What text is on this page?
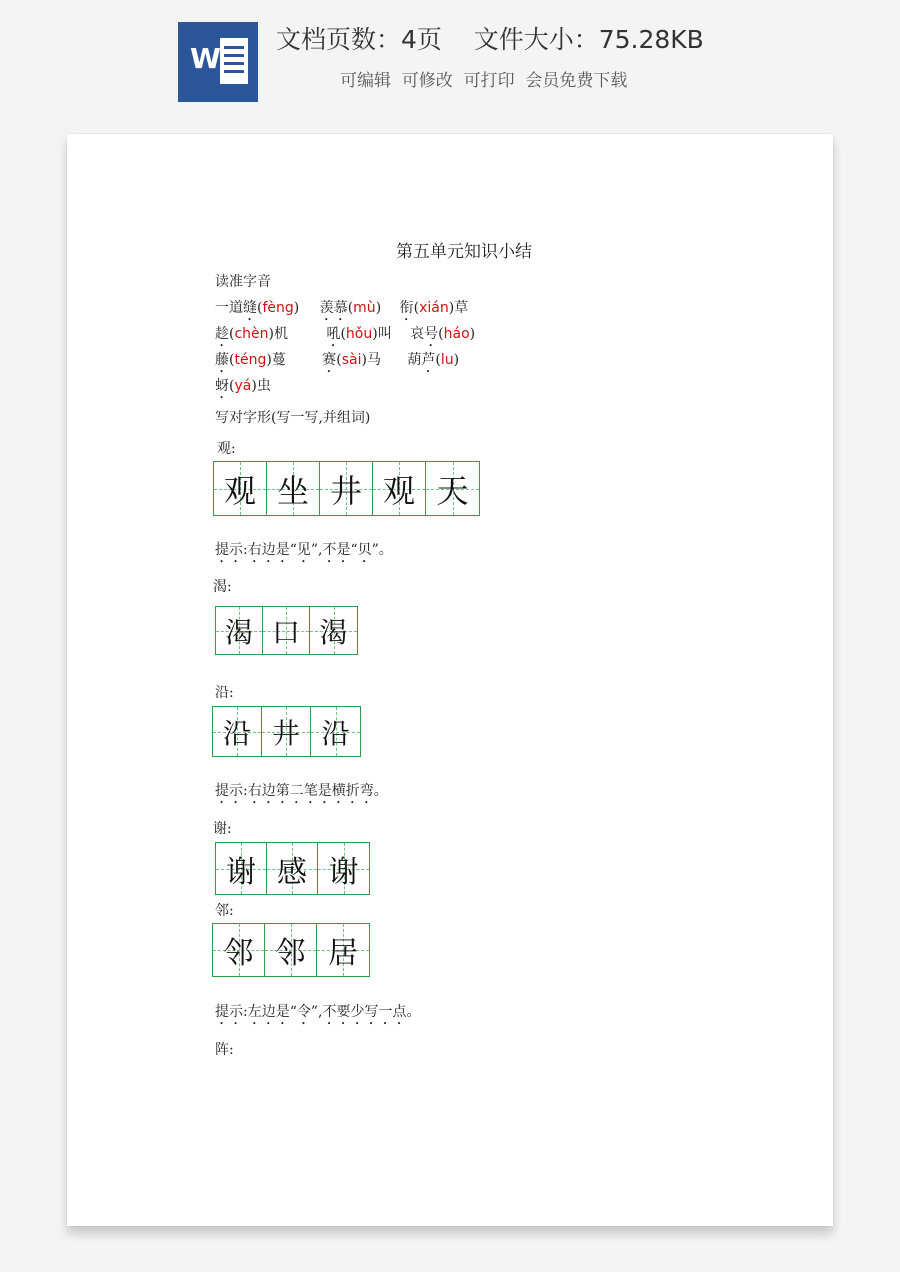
W
文档页数：4页    文件大小：75.28KB
可编辑  可修改  可打印  会员免费下载
第五单元知识小结
读准字音
一道缝(fèng) 羡慕(mù) 衔(xián)草
趁(chèn)机	吼(hǒu)叫 哀号(háo)
藤(téng)蔓	赛(sài)马 葫芦(lu)
蚜(yá)虫
写对字形(写一写,并组词)
观:
观 坐 井 观 天
提示:右边是“见”,不是“贝”。
渴:
渴 口 渴
沿:
沿 井 沿
提示:右边第二笔是横折弯。
谢:
谢 感 谢
邻:
邻 邻 居
提示:左边是“令”,不要少写一点。
阵:
